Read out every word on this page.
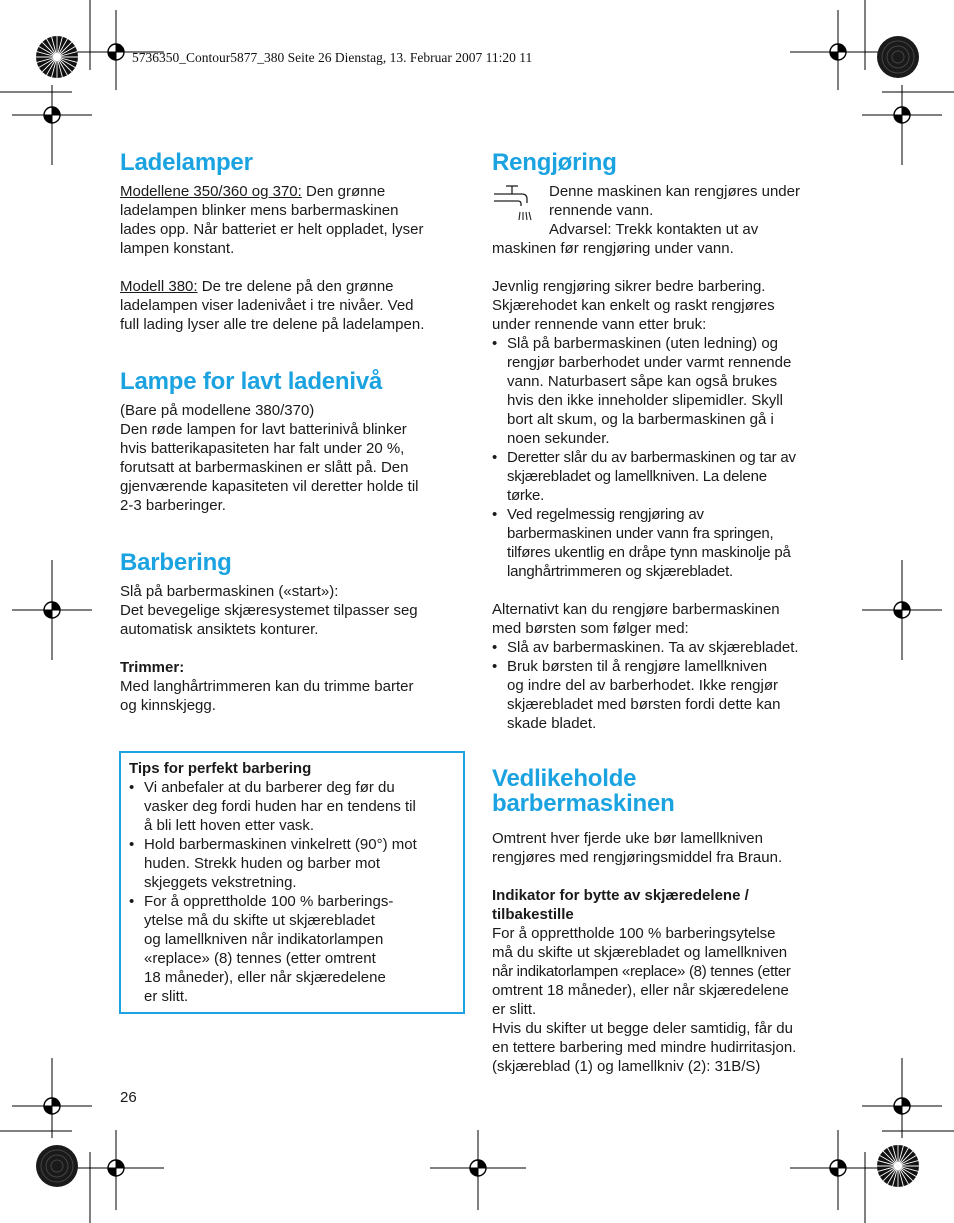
5736350_Contour5877_380 Seite 26 Dienstag, 13. Februar 2007 11:20 11
Ladelamper

Modellene 350/360 og 370: Den grønne
ladelampen blinker mens barbermaskinen
lades opp. Når batteriet er helt oppladet, lyser
lampen konstant.

Modell 380: De tre delene på den grønne
ladelampen viser ladenivået i tre nivåer. Ved
full lading lyser alle tre delene på ladelampen.

Lampe for lavt ladenivå

(Bare på modellene 380/370)
Den røde lampen for lavt batterinivå blinker
hvis batterikapasiteten har falt under 20 %,
forutsatt at barbermaskinen er slått på. Den
gjenværende kapasiteten vil deretter holde til
2-3 barberinger.

Barbering

Slå på barbermaskinen («start»):
Det bevegelige skjæresystemet tilpasser seg
automatisk ansiktets konturer.

Trimmer:
Med langhårtrimmeren kan du trimme barter
og kinnskjegg.

Tips for perfekt barbering
• Vi anbefaler at du barberer deg før du
vasker deg fordi huden har en tendens til
å bli lett hoven etter vask.
• Hold barbermaskinen vinkelrett (90°) mot
huden. Strekk huden og barber mot
skjeggets vekstretning.
• For å opprettholde 100 % barberings-
ytelse må du skifte ut skjærebladet
og lamellkniven når indikatorlampen
«replace» (8) tennes (etter omtrent
18 måneder), eller når skjæredelene
er slitt.
Rengjøring

Denne maskinen kan rengjøres under
rennende vann.
Advarsel: Trekk kontakten ut av

maskinen før rengjøring under vann.

Jevnlig rengjøring sikrer bedre barbering.
Skjærehodet kan enkelt og raskt rengjøres
under rennende vann etter bruk:

• Slå på barbermaskinen (uten ledning) og
rengjør barberhodet under varmt rennende
vann. Naturbasert såpe kan også brukes
hvis den ikke inneholder slipemidler. Skyll
bort alt skum, og la barbermaskinen gå i
noen sekunder.
• Deretter slår du av barbermaskinen og tar av
skjærebladet og lamellkniven. La delene
tørke.
• Ved regelmessig rengjøring av
barbermaskinen under vann fra springen,
tilføres ukentlig en dråpe tynn maskinolje på
langhårtrimmeren og skjærebladet.

Alternativt kan du rengjøre barbermaskinen
med børsten som følger med:

• Slå av barbermaskinen. Ta av skjærebladet.
• Bruk børsten til å rengjøre lamellkniven
og indre del av barberhodet. Ikke rengjør
skjærebladet med børsten fordi dette kan
skade bladet.
Vedlikeholde
barbermaskinen

Omtrent hver fjerde uke bør lamellkniven
rengjøres med rengjøringsmiddel fra Braun.

Indikator for bytte av skjæredelene /
tilbakestille

For å opprettholde 100 % barberingsytelse
må du skifte ut skjærebladet og lamellkniven
når indikatorlampen «replace» (8) tennes (etter
omtrent 18 måneder), eller når skjæredelene
er slitt.
Hvis du skifter ut begge deler samtidig, får du
en tettere barbering med mindre hudirritasjon.
(skjæreblad (1) og lamellkniv (2): 31B/S)

26
